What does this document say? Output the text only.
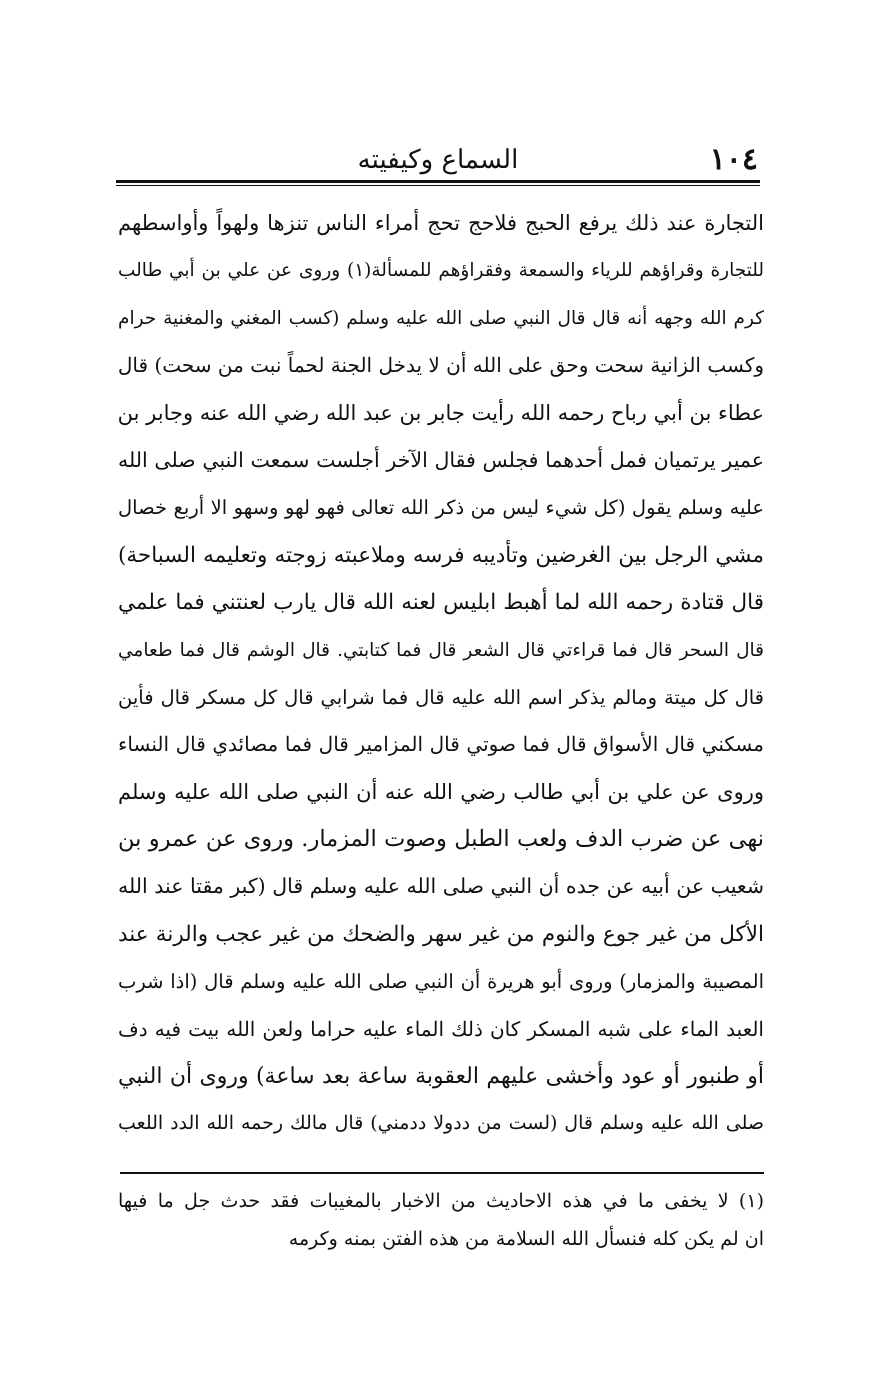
١٠٤
السماع وكيفيته
التجارة عند ذلك يرفع الحبج فلاحج تحج أمراء الناس تنزها ولهواً وأواسطهم
للتجارة وقراؤهم للرياء والسمعة وفقراؤهم للمسألة(١) وروى عن علي بن أبي طالب
كرم الله وجهه أنه قال قال النبي صلى الله عليه وسلم (كسب المغني والمغنية حرام
وكسب الزانية سحت وحق على الله أن لا يدخل الجنة لحماً نبت من سحت) قال
عطاء بن أبي رباح رحمه الله رأيت جابر بن عبد الله رضي الله عنه وجابر بن
عمير يرتميان فمل أحدهما فجلس فقال الآخر أجلست سمعت النبي صلى الله
عليه وسلم يقول (كل شيء ليس من ذكر الله تعالى فهو لهو وسهو الا أربع خصال
مشي الرجل بين الغرضين وتأديبه فرسه وملاعبته زوجته وتعليمه السباحة)
قال قتادة رحمه الله لما أهبط ابليس لعنه الله قال يارب لعنتني فما علمي
قال السحر قال فما قراءتي قال الشعر قال فما كتابتي. قال الوشم قال فما طعامي
قال كل ميتة ومالم يذكر اسم الله عليه قال فما شرابي قال كل مسكر قال فأين
مسكني قال الأسواق قال فما صوتي قال المزامير قال فما مصائدي قال النساء
وروى عن علي بن أبي طالب رضي الله عنه أن النبي صلى الله عليه وسلم
نهى عن ضرب الدف ولعب الطبل وصوت المزمار. وروى عن عمرو بن
شعيب عن أبيه عن جده أن النبي صلى الله عليه وسلم قال (كبر مقتا عند الله
الأكل من غير جوع والنوم من غير سهر والضحك من غير عجب والرنة عند
المصيبة والمزمار) وروى أبو هريرة أن النبي صلى الله عليه وسلم قال (اذا شرب
العبد الماء على شبه المسكر كان ذلك الماء عليه حراما ولعن الله بيت فيه دف
أو طنبور أو عود وأخشى عليهم العقوبة ساعة بعد ساعة) وروى أن النبي
صلى الله عليه وسلم قال (لست من ددولا ددمني) قال مالك رحمه الله الدد اللعب
(١) لا يخفى ما في هذه الاحاديث من الاخبار بالمغيبات فقد حدث جل ما فيها
ان لم يكن كله فنسأل الله السلامة من هذه الفتن بمنه وكرمه
